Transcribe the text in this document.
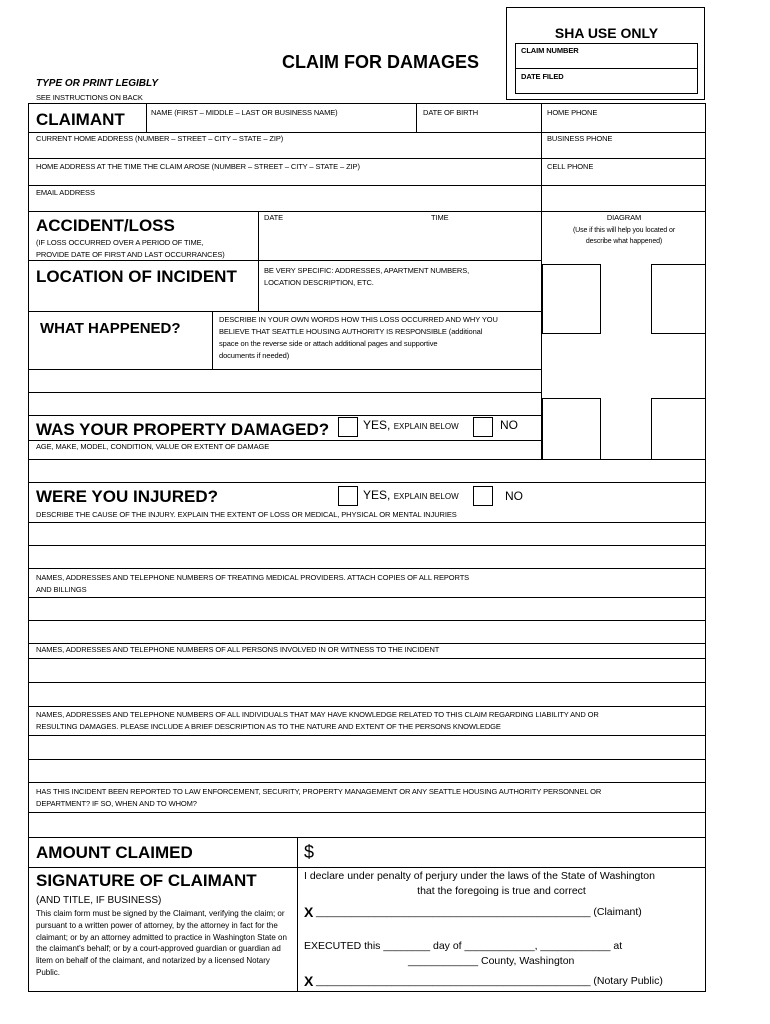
SHA USE ONLY
CLAIM NUMBER
DATE FILED
CLAIM FOR DAMAGES
TYPE OR PRINT LEGIBLY
SEE INSTRUCTIONS ON BACK
CLAIMANT	NAME (FIRST – MIDDLE – LAST OR BUSINESS NAME)	DATE OF BIRTH	HOME PHONE
CURRENT HOME ADDRESS (NUMBER – STREET – CITY – STATE – ZIP)	BUSINESS PHONE
HOME ADDRESS AT THE TIME THE CLAIM AROSE (NUMBER – STREET – CITY – STATE – ZIP)	CELL PHONE
EMAIL ADDRESS
ACCIDENT/LOSS
(IF LOSS OCCURRED OVER A PERIOD OF TIME,
PROVIDE DATE OF FIRST AND LAST OCCURRANCES)
DATE	TIME	DIAGRAM
(Use if this will help you located or
describe what happened)
LOCATION OF INCIDENT	BE VERY SPECIFIC: ADDRESSES, APARTMENT NUMBERS,
LOCATION DESCRIPTION, ETC.
WHAT HAPPENED?
DESCRIBE IN YOUR OWN WORDS HOW THIS LOSS OCCURRED AND WHY YOU
BELIEVE THAT SEATTLE HOUSING AUTHORITY IS RESPONSIBLE (additional
space on the reverse side or attach additional pages and supportive
documents if needed)
WAS YOUR PROPERTY DAMAGED?	YES, EXPLAIN BELOW	NO
AGE, MAKE, MODEL, CONDITION, VALUE OR EXTENT OF DAMAGE
WERE YOU INJURED?	YES, EXPLAIN BELOW	NO
DESCRIBE THE CAUSE OF THE INJURY. EXPLAIN THE EXTENT OF LOSS OR MEDICAL, PHYSICAL OR MENTAL INJURIES
NAMES, ADDRESSES AND TELEPHONE NUMBERS OF TREATING MEDICAL PROVIDERS. ATTACH COPIES OF ALL REPORTS
AND BILLINGS
NAMES, ADDRESSES AND TELEPHONE NUMBERS OF ALL PERSONS INVOLVED IN OR WITNESS TO THE INCIDENT
NAMES, ADDRESSES AND TELEPHONE NUMBERS OF ALL INDIVIDUALS THAT MAY HAVE KNOWLEDGE RELATED TO THIS CLAIM REGARDING LIABILITY AND OR
RESULTING DAMAGES. PLEASE INCLUDE A BRIEF DESCRIPTION AS TO THE NATURE AND EXTENT OF THE PERSONS KNOWLEDGE
HAS THIS INCIDENT BEEN REPORTED TO LAW ENFORCEMENT, SECURITY, PROPERTY MANAGEMENT OR ANY SEATTLE HOUSING AUTHORITY PERSONNEL OR
DEPARTMENT? IF SO, WHEN AND TO WHOM?
AMOUNT CLAIMED	$
SIGNATURE OF CLAIMANT
(AND TITLE, IF BUSINESS)
This claim form must be signed by the Claimant, verifying the claim; or pursuant to a written power of attorney, by the attorney in fact for the claimant; or by an attorney admitted to practice in Washington State on the claimant's behalf; or by a court-approved guardian or guardian ad litem on behalf of the claimant, and notarized by a licensed Notary Public.
I declare under penalty of perjury under the laws of the State of Washington
that the foregoing is true and correct
X _______________________________________________ (Claimant)
EXECUTED this ________ day of ____________, ____________ at
____________ County, Washington
X _______________________________________________ (Notary Public)
